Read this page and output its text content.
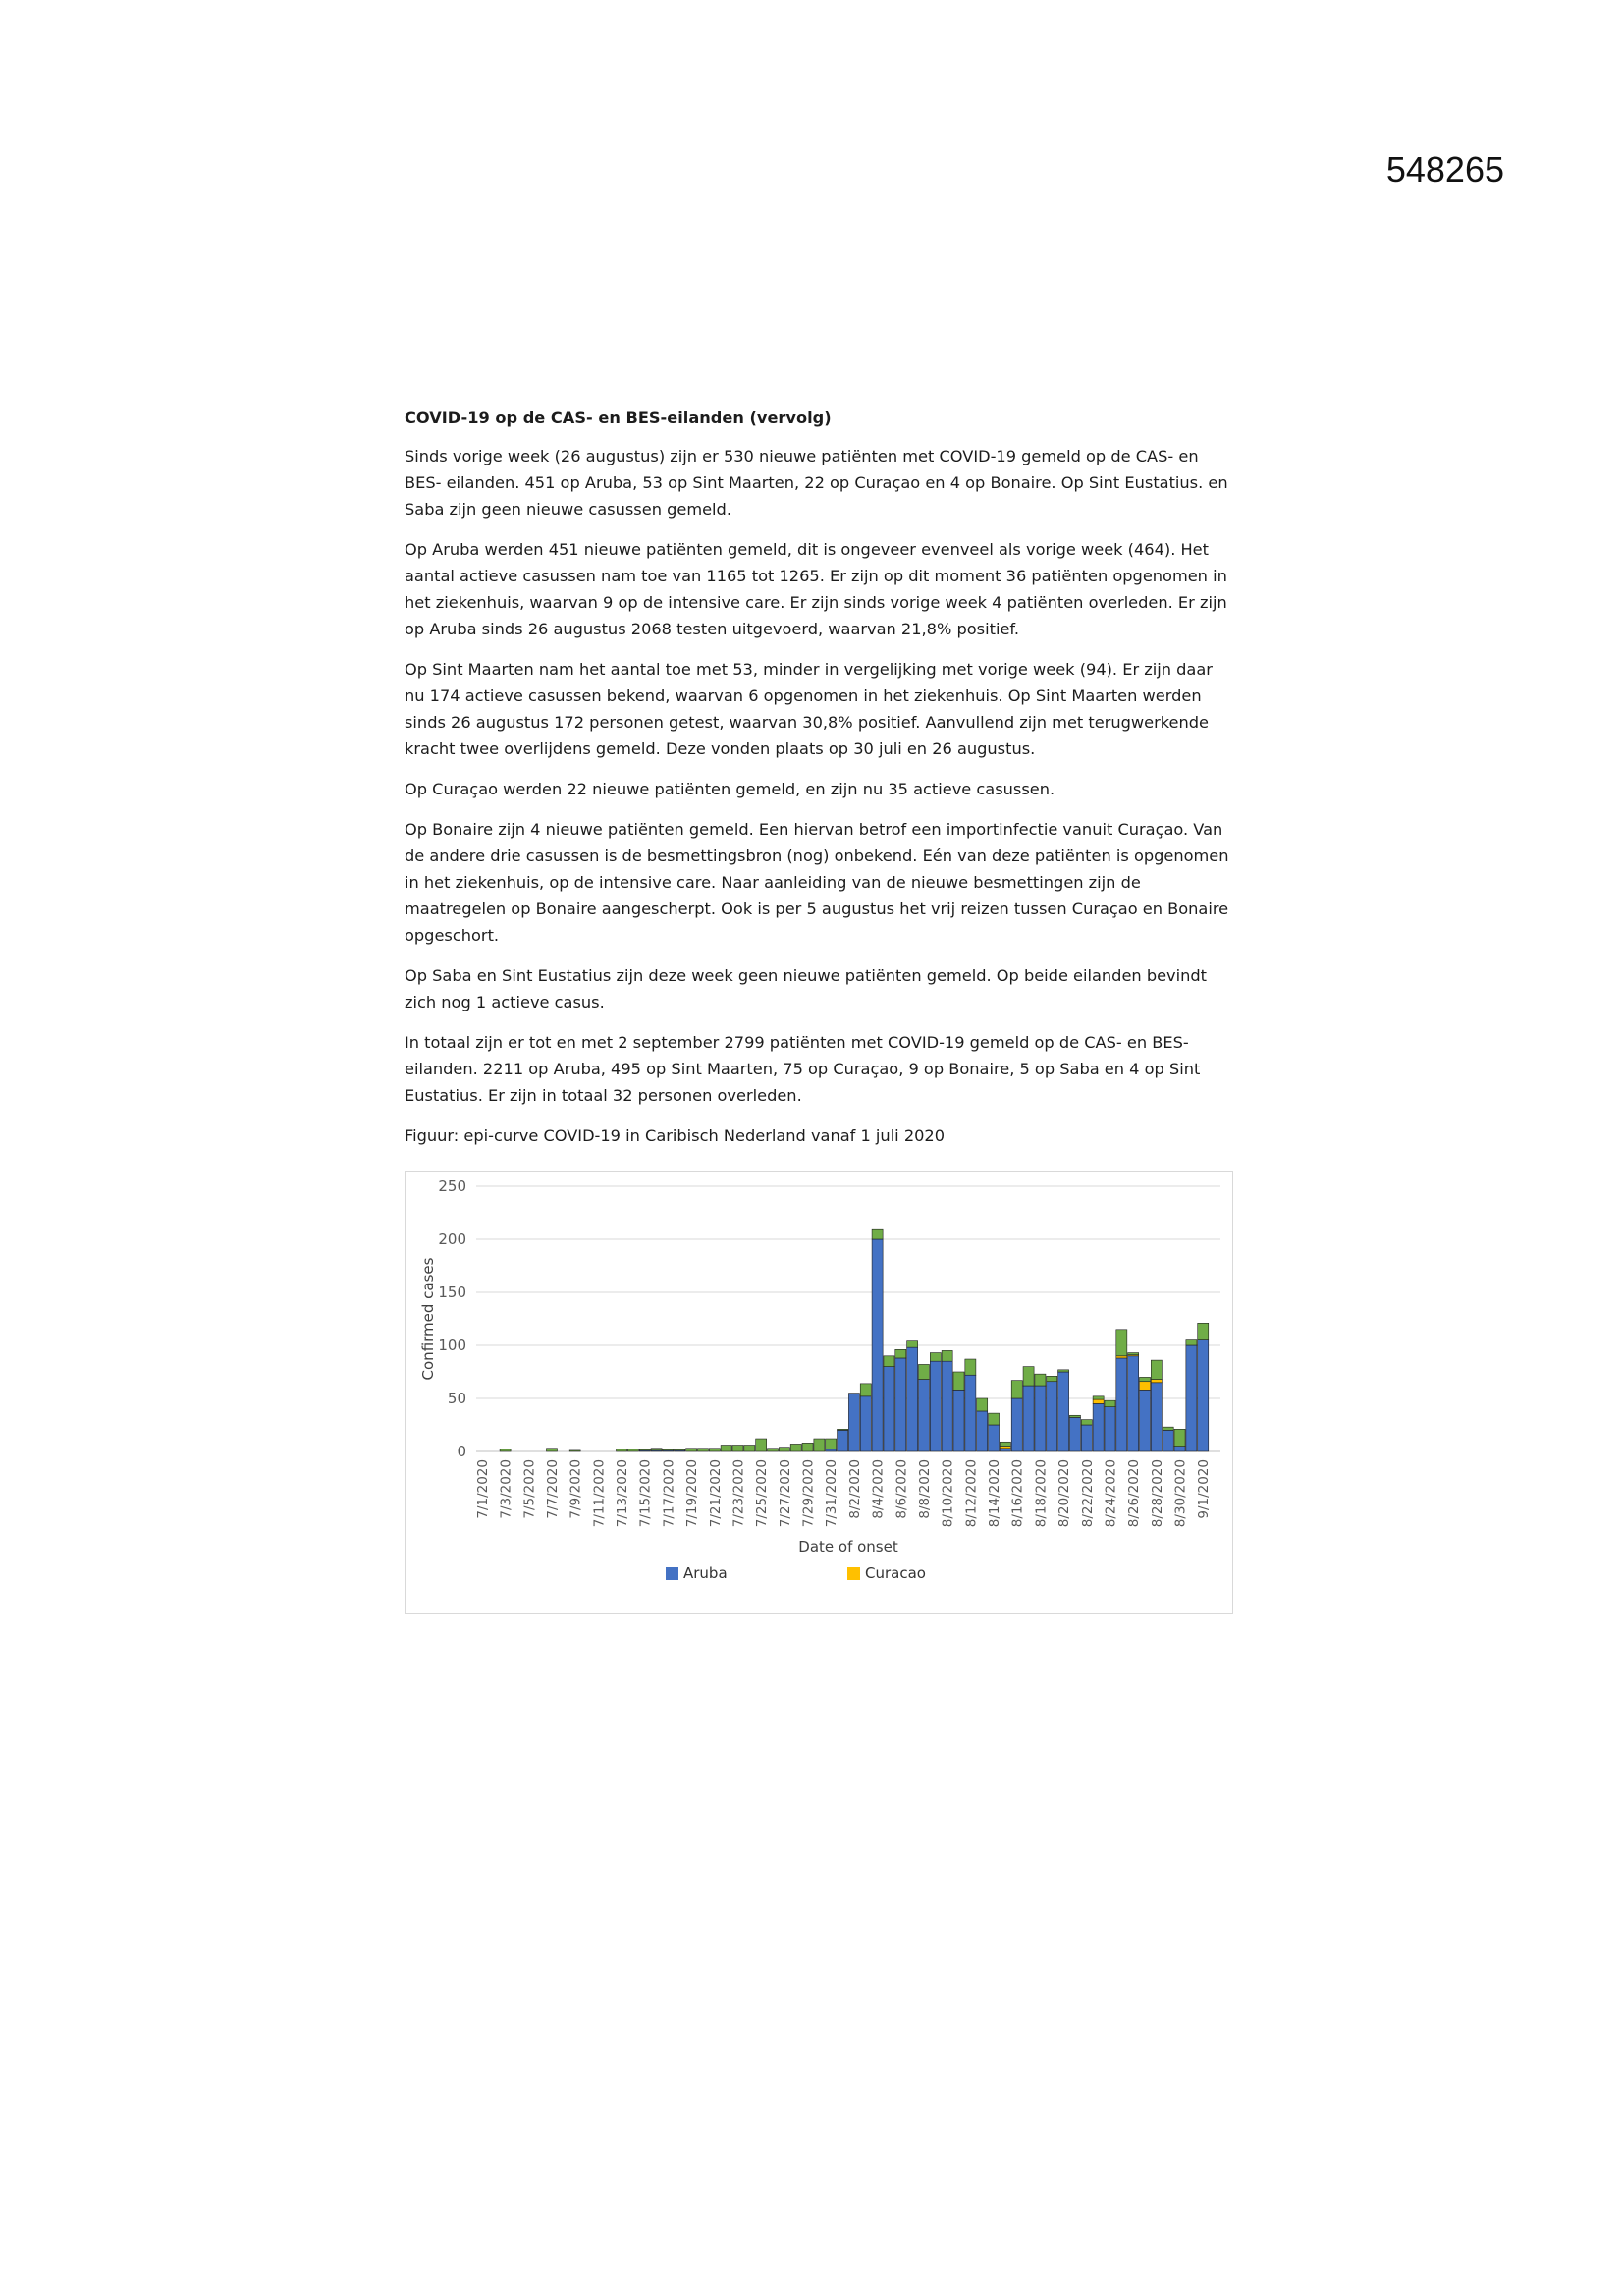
548265
COVID-19 op de CAS- en BES-eilanden (vervolg)

Sinds vorige week (26 augustus) zijn er 530 nieuwe patiënten met COVID-19 gemeld op de CAS- en BES- eilanden. 451 op Aruba, 53 op Sint Maarten, 22 op Curaçao en 4 op Bonaire. Op Sint Eustatius. en Saba zijn geen nieuwe casussen gemeld.

Op Aruba werden 451 nieuwe patiënten gemeld, dit is ongeveer evenveel als vorige week (464). Het aantal actieve casussen nam toe van 1165 tot 1265. Er zijn op dit moment 36 patiënten opgenomen in het ziekenhuis, waarvan 9 op de intensive care. Er zijn sinds vorige week 4 patiënten overleden. Er zijn op Aruba sinds 26 augustus 2068 testen uitgevoerd, waarvan 21,8% positief.

Op Sint Maarten nam het aantal toe met 53, minder in vergelijking met vorige week (94). Er zijn daar nu 174 actieve casussen bekend, waarvan 6 opgenomen in het ziekenhuis. Op Sint Maarten werden sinds 26 augustus 172 personen getest, waarvan 30,8% positief. Aanvullend zijn met terugwerkende kracht twee overlijdens gemeld. Deze vonden plaats op 30 juli en 26 augustus.

Op Curaçao werden 22 nieuwe patiënten gemeld, en zijn nu 35 actieve casussen.

Op Bonaire zijn 4 nieuwe patiënten gemeld. Een hiervan betrof een importinfectie vanuit Curaçao. Van de andere drie casussen is de besmettingsbron (nog) onbekend. Eén van deze patiënten is opgenomen in het ziekenhuis, op de intensive care. Naar aanleiding van de nieuwe besmettingen zijn de maatregelen op Bonaire aangescherpt. Ook is per 5 augustus het vrij reizen tussen Curaçao en Bonaire opgeschort.

Op Saba en Sint Eustatius zijn deze week geen nieuwe patiënten gemeld. Op beide eilanden bevindt zich nog 1 actieve casus.

In totaal zijn er tot en met 2 september 2799 patiënten met COVID-19 gemeld op de CAS- en BES- eilanden. 2211 op Aruba, 495 op Sint Maarten, 75 op Curaçao, 9 op Bonaire, 5 op Saba en 4 op Sint Eustatius. Er zijn in totaal 32 personen overleden.

Figuur: epi-curve COVID-19 in Caribisch Nederland vanaf 1 juli 2020

0
50
100
150
200
250
7/1/2020 7/3/2020 7/5/2020 7/7/2020 7/9/2020 7/11/2020 7/13/2020 7/15/2020 7/17/2020 7/19/2020 7/21/2020 7/23/2020 7/25/2020 7/27/2020 7/29/2020 7/31/2020 8/2/2020 8/4/2020 8/6/2020 8/8/2020 8/10/2020 8/12/2020 8/14/2020 8/16/2020 8/18/2020 8/20/2020 8/22/2020 8/24/2020 8/26/2020 8/28/2020 8/30/2020 9/1/2020
Date of onset
Confirmed cases
Aruba	Curacao
